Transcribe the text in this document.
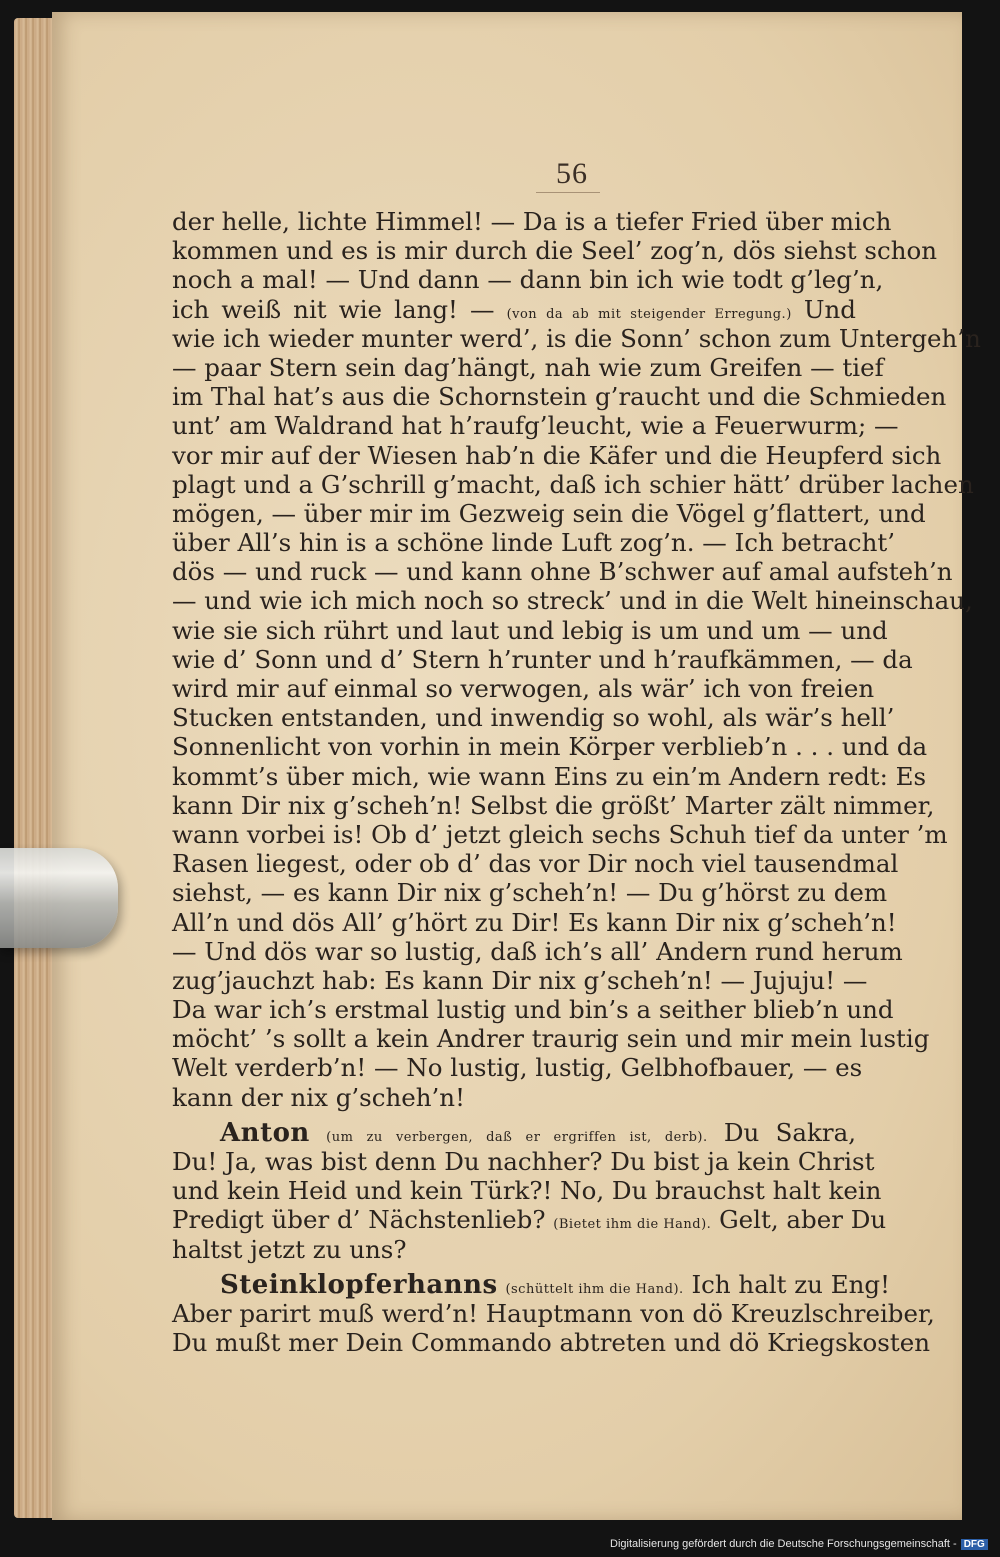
56
der helle, lichte Himmel! — Da is a tiefer Fried über mich
kommen und es is mir durch die Seel’ zog’n, dös siehst schon
noch a mal! — Und dann — dann bin ich wie todt g’leg’n,
ich weiß nit wie lang! — (von da ab mit steigender Erregung.) Und
wie ich wieder munter werd’, is die Sonn’ schon zum Untergeh’n
— paar Stern sein dag’hängt, nah wie zum Greifen — tief
im Thal hat’s aus die Schornstein g’raucht und die Schmieden
unt’ am Waldrand hat h’raufg’leucht, wie a Feuerwurm; —
vor mir auf der Wiesen hab’n die Käfer und die Heupferd sich
plagt und a G’schrill g’macht, daß ich schier hätt’ drüber lachen
mögen, — über mir im Gezweig sein die Vögel g’flattert, und
über All’s hin is a schöne linde Luft zog’n. — Ich betracht’
dös — und ruck — und kann ohne B’schwer auf amal aufsteh’n
— und wie ich mich noch so streck’ und in die Welt hineinschau,
wie sie sich rührt und laut und lebig is um und um — und
wie d’ Sonn und d’ Stern h’runter und h’raufkämmen, — da
wird mir auf einmal so verwogen, als wär’ ich von freien
Stucken entstanden, und inwendig so wohl, als wär’s hell’
Sonnenlicht von vorhin in mein Körper verblieb’n . . . und da
kommt’s über mich, wie wann Eins zu ein’m Andern redt: Es
kann Dir nix g’scheh’n! Selbst die größt’ Marter zält nimmer,
wann vorbei is! Ob d’ jetzt gleich sechs Schuh tief da unter ’m
Rasen liegest, oder ob d’ das vor Dir noch viel tausendmal
siehst, — es kann Dir nix g’scheh’n! — Du g’hörst zu dem
All’n und dös All’ g’hört zu Dir! Es kann Dir nix g’scheh’n!
— Und dös war so lustig, daß ich’s all’ Andern rund herum
zug’jauchzt hab: Es kann Dir nix g’scheh’n! — Jujuju! —
Da war ich’s erstmal lustig und bin’s a seither blieb’n und
möcht’ ’s sollt a kein Andrer traurig sein und mir mein lustig
Welt verderb’n! — No lustig, lustig, Gelbhofbauer, — es
kann der nix g’scheh’n!
Anton (um zu verbergen, daß er ergriffen ist, derb). Du Sakra,
Du! Ja, was bist denn Du nachher? Du bist ja kein Christ
und kein Heid und kein Türk?! No, Du brauchst halt kein
Predigt über d’ Nächstenlieb? (Bietet ihm die Hand). Gelt, aber Du
haltst jetzt zu uns?
Steinklopferhanns (schüttelt ihm die Hand). Ich halt zu Eng!
Aber parirt muß werd’n! Hauptmann von dö Kreuzlschreiber,
Du mußt mer Dein Commando abtreten und dö Kriegskosten
Digitalisierung gefördert durch die Deutsche Forschungsgemeinschaft - DFG
